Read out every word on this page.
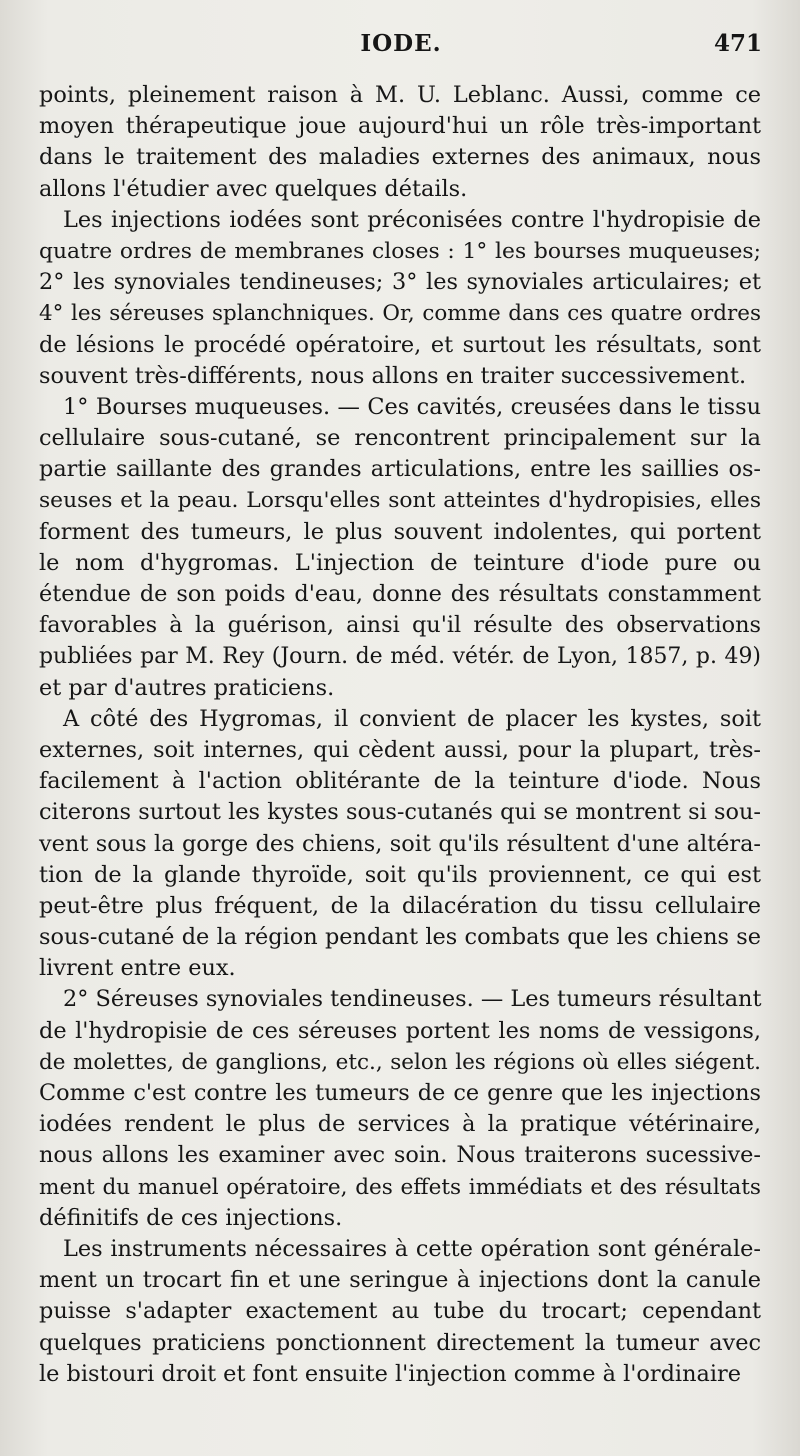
IODE.	471
points, pleinement raison à M. U. Leblanc. Aussi, comme ce
moyen thérapeutique joue aujourd'hui un rôle très-important
dans le traitement des maladies externes des animaux, nous
allons l'étudier avec quelques détails.
Les injections iodées sont préconisées contre l'hydropisie de
quatre ordres de membranes closes : 1° les bourses muqueuses;
2° les synoviales tendineuses; 3° les synoviales articulaires; et
4° les séreuses splanchniques. Or, comme dans ces quatre ordres
de lésions le procédé opératoire, et surtout les résultats, sont
souvent très-différents, nous allons en traiter successivement.
1° Bourses muqueuses. — Ces cavités, creusées dans le tissu
cellulaire sous-cutané, se rencontrent principalement sur la
partie saillante des grandes articulations, entre les saillies os-
seuses et la peau. Lorsqu'elles sont atteintes d'hydropisies, elles
forment des tumeurs, le plus souvent indolentes, qui portent
le nom d'hygromas. L'injection de teinture d'iode pure ou
étendue de son poids d'eau, donne des résultats constamment
favorables à la guérison, ainsi qu'il résulte des observations
publiées par M. Rey (Journ. de méd. vétér. de Lyon, 1857, p. 49)
et par d'autres praticiens.
A côté des Hygromas, il convient de placer les kystes, soit
externes, soit internes, qui cèdent aussi, pour la plupart, très-
facilement à l'action oblitérante de la teinture d'iode. Nous
citerons surtout les kystes sous-cutanés qui se montrent si sou-
vent sous la gorge des chiens, soit qu'ils résultent d'une altéra-
tion de la glande thyroïde, soit qu'ils proviennent, ce qui est
peut-être plus fréquent, de la dilacération du tissu cellulaire
sous-cutané de la région pendant les combats que les chiens se
livrent entre eux.
2° Séreuses synoviales tendineuses. — Les tumeurs résultant
de l'hydropisie de ces séreuses portent les noms de vessigons,
de molettes, de ganglions, etc., selon les régions où elles siégent.
Comme c'est contre les tumeurs de ce genre que les injections
iodées rendent le plus de services à la pratique vétérinaire,
nous allons les examiner avec soin. Nous traiterons sucessive-
ment du manuel opératoire, des effets immédiats et des résultats
définitifs de ces injections.
Les instruments nécessaires à cette opération sont générale-
ment un trocart fin et une seringue à injections dont la canule
puisse s'adapter exactement au tube du trocart; cependant
quelques praticiens ponctionnent directement la tumeur avec
le bistouri droit et font ensuite l'injection comme à l'ordinaire
